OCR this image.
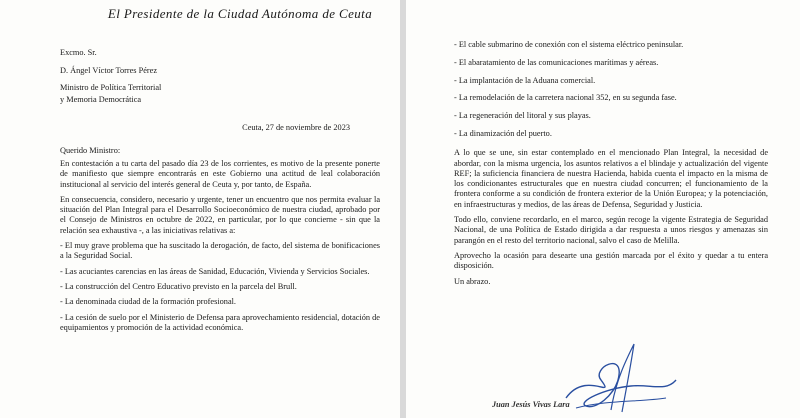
El Presidente de la Ciudad Autónoma de Ceuta

Excmo. Sr.

D. Ángel Víctor Torres Pérez

Ministro de Política Territorial

y Memoria Democrática

Ceuta, 27 de noviembre de 2023

Querido Ministro:

En contestación a tu carta del pasado día 23 de los corrientes, es motivo de la presente ponerte de manifiesto que siempre encontrarás en este Gobierno una actitud de leal colaboración institucional al servicio del interés general de Ceuta y, por tanto, de España.

En consecuencia, considero, necesario y urgente, tener un encuentro que nos permita evaluar la situación del Plan Integral para el Desarrollo Socioeconómico de nuestra ciudad, aprobado por el Consejo de Ministros en octubre de 2022, en particular, por lo que concierne - sin que la relación sea exhaustiva -, a las iniciativas relativas a:

- El muy grave problema que ha suscitado la derogación, de facto, del sistema de bonificaciones a la Seguridad Social.

- Las acuciantes carencias en las áreas de Sanidad, Educación, Vivienda y Servicios Sociales.

- La construcción del Centro Educativo previsto en la parcela del Brull.

- La denominada ciudad de la formación profesional.

- La cesión de suelo por el Ministerio de Defensa para aprovechamiento residencial, dotación de equipamientos y promoción de la actividad económica.

- El cable submarino de conexión con el sistema eléctrico peninsular.

- El abaratamiento de las comunicaciones marítimas y aéreas.

- La implantación de la Aduana comercial.

- La remodelación de la carretera nacional 352, en su segunda fase.

- La regeneración del litoral y sus playas.

- La dinamización del puerto.

A lo que se une, sin estar contemplado en el mencionado Plan Integral, la necesidad de abordar, con la misma urgencia, los asuntos relativos a el blindaje y actualización del vigente REF; la suficiencia financiera de nuestra Hacienda, habida cuenta el impacto en la misma de los condicionantes estructurales que en nuestra ciudad concurren; el funcionamiento de la frontera conforme a su condición de frontera exterior de la Unión Europea; y la potenciación, en infraestructuras y medios, de las áreas de Defensa, Seguridad y Justicia.

Todo ello, conviene recordarlo, en el marco, según recoge la vigente Estrategia de Seguridad Nacional, de una Política de Estado dirigida a dar respuesta a unos riesgos y amenazas sin parangón en el resto del territorio nacional, salvo el caso de Melilla.

Aprovecho la ocasión para desearte una gestión marcada por el éxito y quedar a tu entera disposición.

Un abrazo.

Juan Jesús Vivas Lara
